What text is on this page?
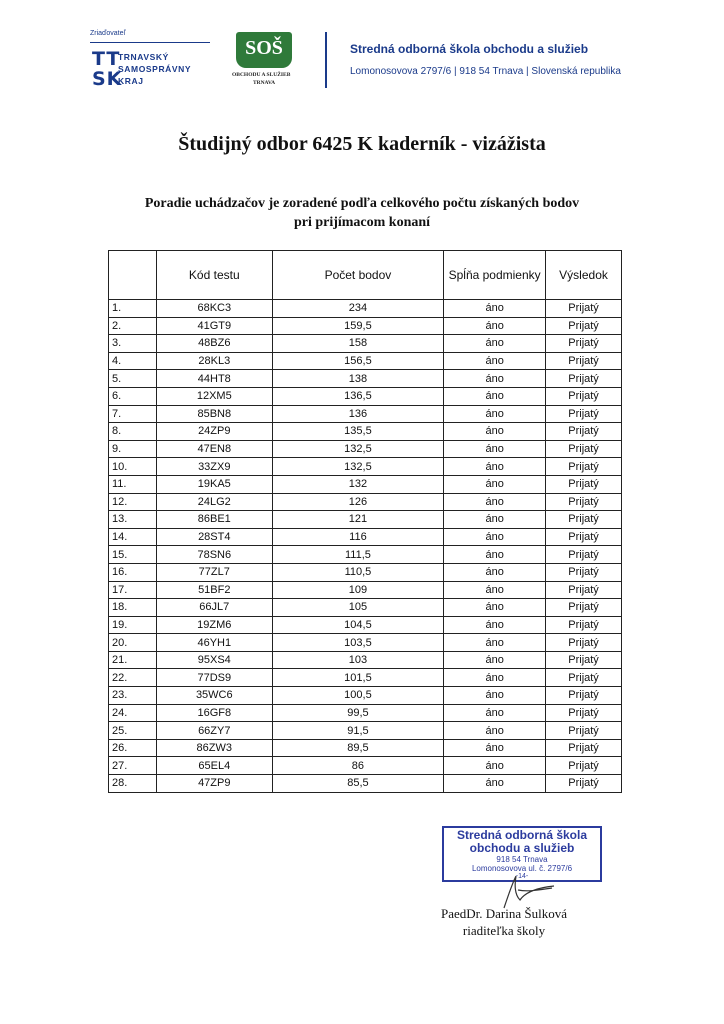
Zriaďovateľ
TT
SK
TRNAVSKÝ
SAMOSPRÁVNY
KRAJ
SOŠ
OBCHODU A SLUŽIEB
TRNAVA
Stredná odborná škola obchodu a služieb
Lomonosovova 2797/6 | 918 54 Trnava | Slovenská republika
Študijný odbor 6425 K kaderník - vizážista
Poradie uchádzačov je zoradené podľa celkového počtu získaných bodov
pri prijímacom konaní
	Kód testu	Počet bodov	Spĺňa podmienky	Výsledok
1.	68KC3	234	áno	Prijatý
2.	41GT9	159,5	áno	Prijatý
3.	48BZ6	158	áno	Prijatý
4.	28KL3	156,5	áno	Prijatý
5.	44HT8	138	áno	Prijatý
6.	12XM5	136,5	áno	Prijatý
7.	85BN8	136	áno	Prijatý
8.	24ZP9	135,5	áno	Prijatý
9.	47EN8	132,5	áno	Prijatý
10.	33ZX9	132,5	áno	Prijatý
11.	19KA5	132	áno	Prijatý
12.	24LG2	126	áno	Prijatý
13.	86BE1	121	áno	Prijatý
14.	28ST4	116	áno	Prijatý
15.	78SN6	111,5	áno	Prijatý
16.	77ZL7	110,5	áno	Prijatý
17.	51BF2	109	áno	Prijatý
18.	66JL7	105	áno	Prijatý
19.	19ZM6	104,5	áno	Prijatý
20.	46YH1	103,5	áno	Prijatý
21.	95XS4	103	áno	Prijatý
22.	77DS9	101,5	áno	Prijatý
23.	35WC6	100,5	áno	Prijatý
24.	16GF8	99,5	áno	Prijatý
25.	66ZY7	91,5	áno	Prijatý
26.	86ZW3	89,5	áno	Prijatý
27.	65EL4	86	áno	Prijatý
28.	47ZP9	85,5	áno	Prijatý
Stredná odborná škola
obchodu a služieb
918 54 Trnava
Lomonosovova ul. č. 2797/6
-14-
PaedDr. Darina Šulková
riaditeľka školy
